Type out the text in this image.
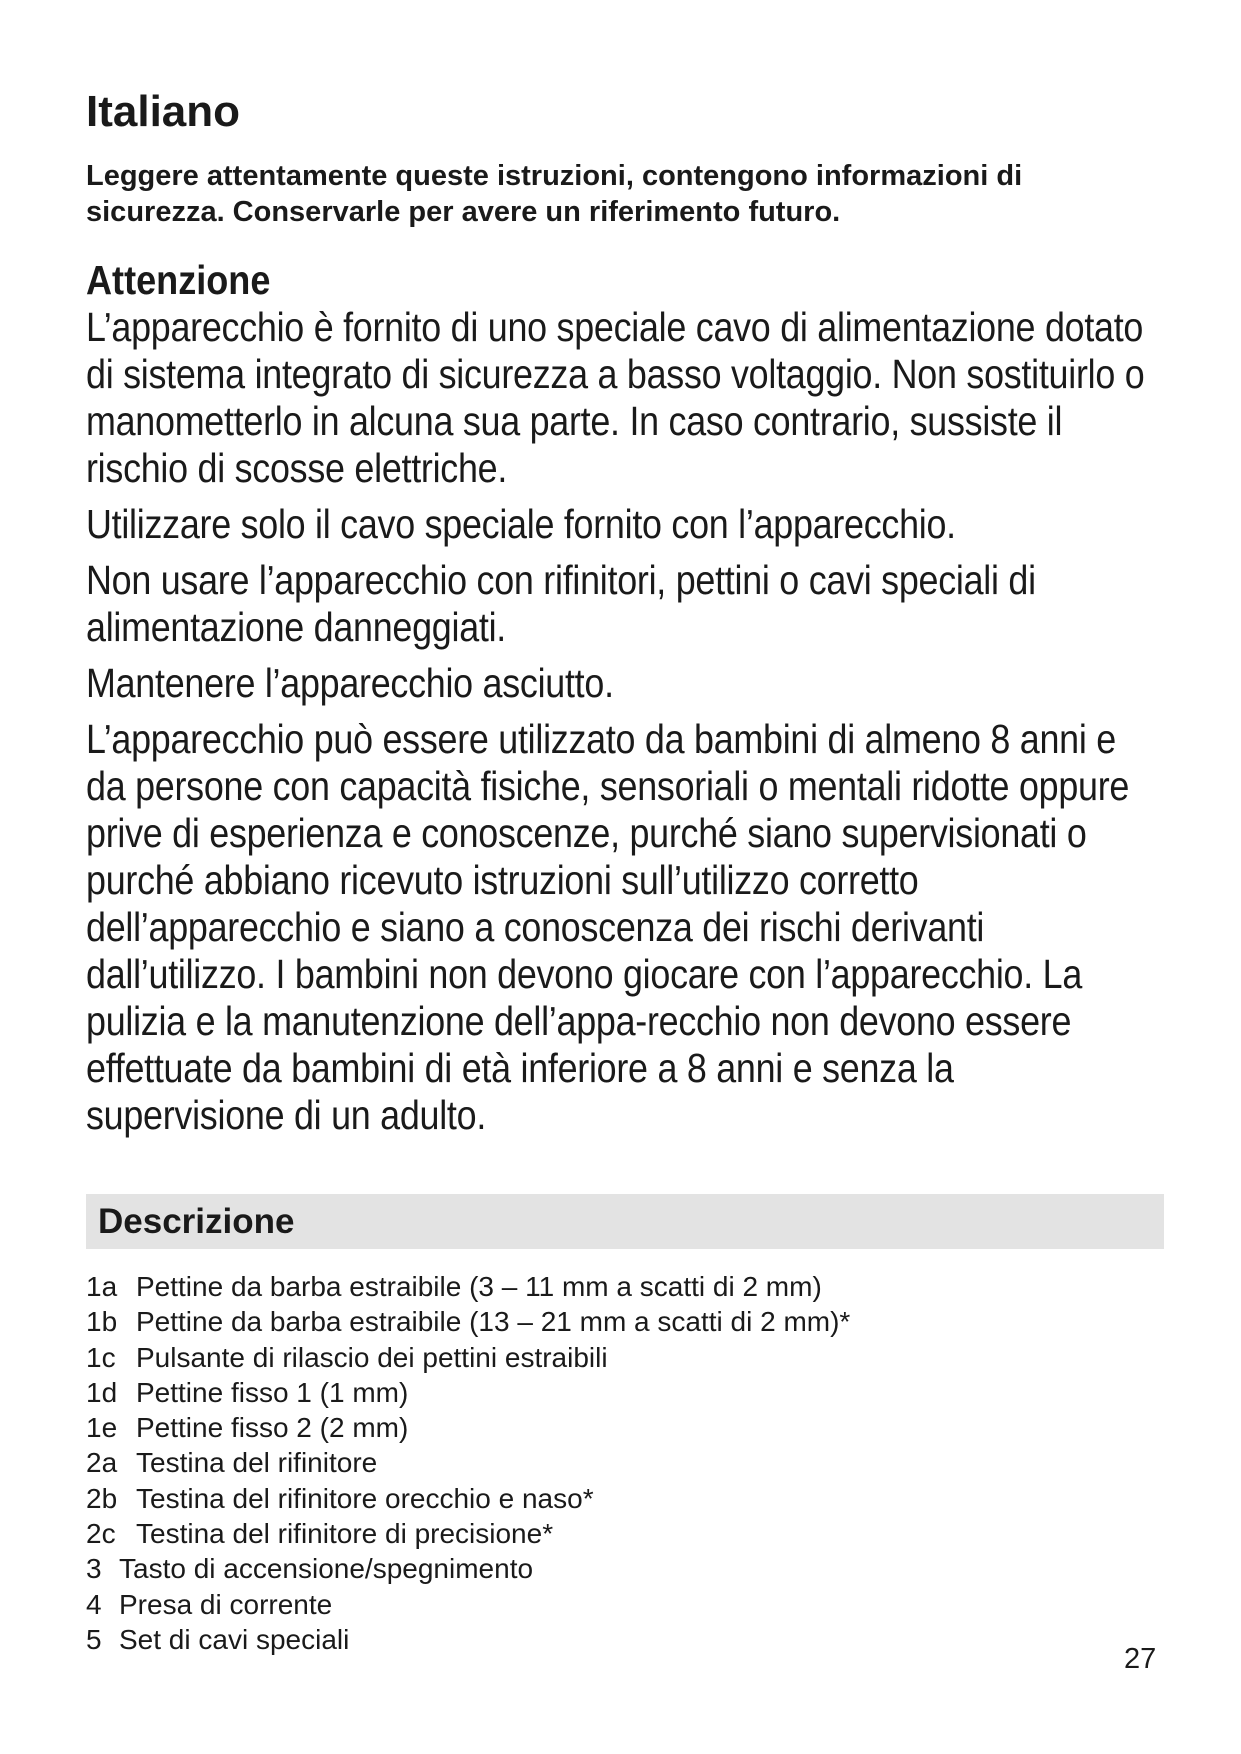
Italiano

Leggere attentamente queste istruzioni, contengono informazioni di sicurezza. Conservarle per avere un riferimento futuro.

Attenzione

L’apparecchio è fornito di uno speciale cavo di alimentazione dotato di sistema integrato di sicurezza a basso voltaggio. Non sostituirlo o manometterlo in alcuna sua parte. In caso contrario, sussiste il rischio di scosse elettriche.

Utilizzare solo il cavo speciale fornito con l’apparecchio.

Non usare l’apparecchio con rifinitori, pettini o cavi speciali di alimentazione danneggiati.

Mantenere l’apparecchio asciutto.

L’apparecchio può essere utilizzato da bambini di almeno 8 anni e da persone con capacità fisiche, sensoriali o mentali ridotte oppure prive di esperienza e conoscenze, purché siano supervisionati o purché abbiano ricevuto istruzioni sull’utilizzo corretto dell’apparecchio e siano a conoscenza dei rischi derivanti dall’utilizzo. I bambini non devono giocare con l’apparecchio. La pulizia e la manutenzione dell’appa-recchio non devono essere effettuate da bambini di età inferiore a 8 anni e senza la supervisione di un adulto.

Descrizione
1a Pettine da barba estraibile (3 – 11 mm a scatti di 2 mm)
1b Pettine da barba estraibile (13 – 21 mm a scatti di 2 mm)*
1c Pulsante di rilascio dei pettini estraibili
1d Pettine fisso 1 (1 mm)
1e Pettine fisso 2 (2 mm)
2a Testina del rifinitore
2b Testina del rifinitore orecchio e naso*
2c Testina del rifinitore di precisione*
3 Tasto di accensione/spegnimento
4 Presa di corrente
5 Set di cavi speciali
27
